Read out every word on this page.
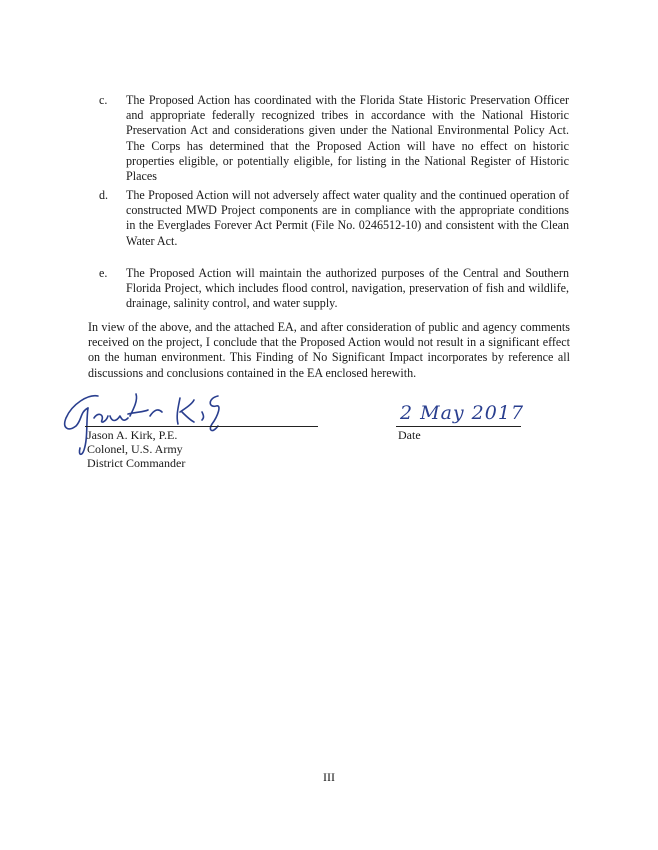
c.	The Proposed Action has coordinated with the Florida State Historic Preservation Officer and appropriate federally recognized tribes in accordance with the National Historic Preservation Act and considerations given under the National Environmental Policy Act. The Corps has determined that the Proposed Action will have no effect on historic properties eligible, or potentially eligible, for listing in the National Register of Historic Places
d.	The Proposed Action will not adversely affect water quality and the continued operation of constructed MWD Project components are in compliance with the appropriate conditions in the Everglades Forever Act Permit (File No. 0246512-10) and consistent with the Clean Water Act.
e.	The Proposed Action will maintain the authorized purposes of the Central and Southern Florida Project, which includes flood control, navigation, preservation of fish and wildlife, drainage, salinity control, and water supply.
In view of the above, and the attached EA, and after consideration of public and agency comments received on the project, I conclude that the Proposed Action would not result in a significant effect on the human environment. This Finding of No Significant Impact incorporates by reference all discussions and conclusions contained in the EA enclosed herewith.
Jason A. Kirk, P.E.
Colonel, U.S. Army
District Commander
2 May 2017
Date
III
